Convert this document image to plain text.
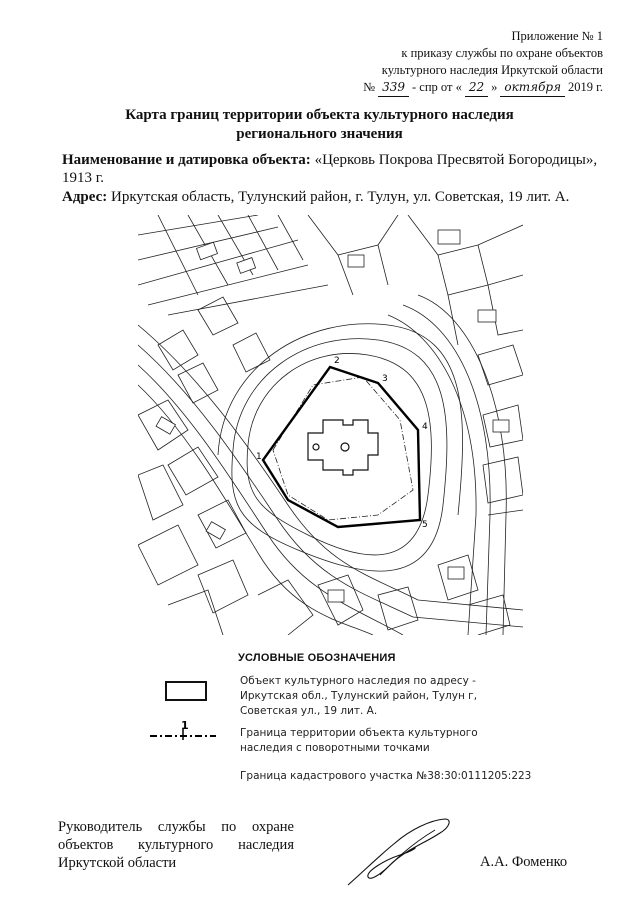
Приложение № 1
к приказу службы по охране объектов
культурного наследия Иркутской области
№ 339 - спр от « 22 » октября 2019 г.
Карта границ территории объекта культурного наследия
регионального значения
Наименование и датировка объекта: «Церковь Покрова Пресвятой Богородицы», 1913 г.
Адрес: Иркутская область, Тулунский район, г. Тулун, ул. Советская, 19 лит. А.
1
2
3
4
5
УСЛОВНЫЕ ОБОЗНАЧЕНИЯ
Объект культурного наследия по адресу - Иркутская обл., Тулунский район, Тулун г, Советская ул., 19 лит. А.
1
Граница территории объекта культурного наследия с поворотными точками
Граница кадастрового участка №38:30:0111205:223
Руководитель службы по охране объектов культурного наследия Иркутской области	А.А. Фоменко
